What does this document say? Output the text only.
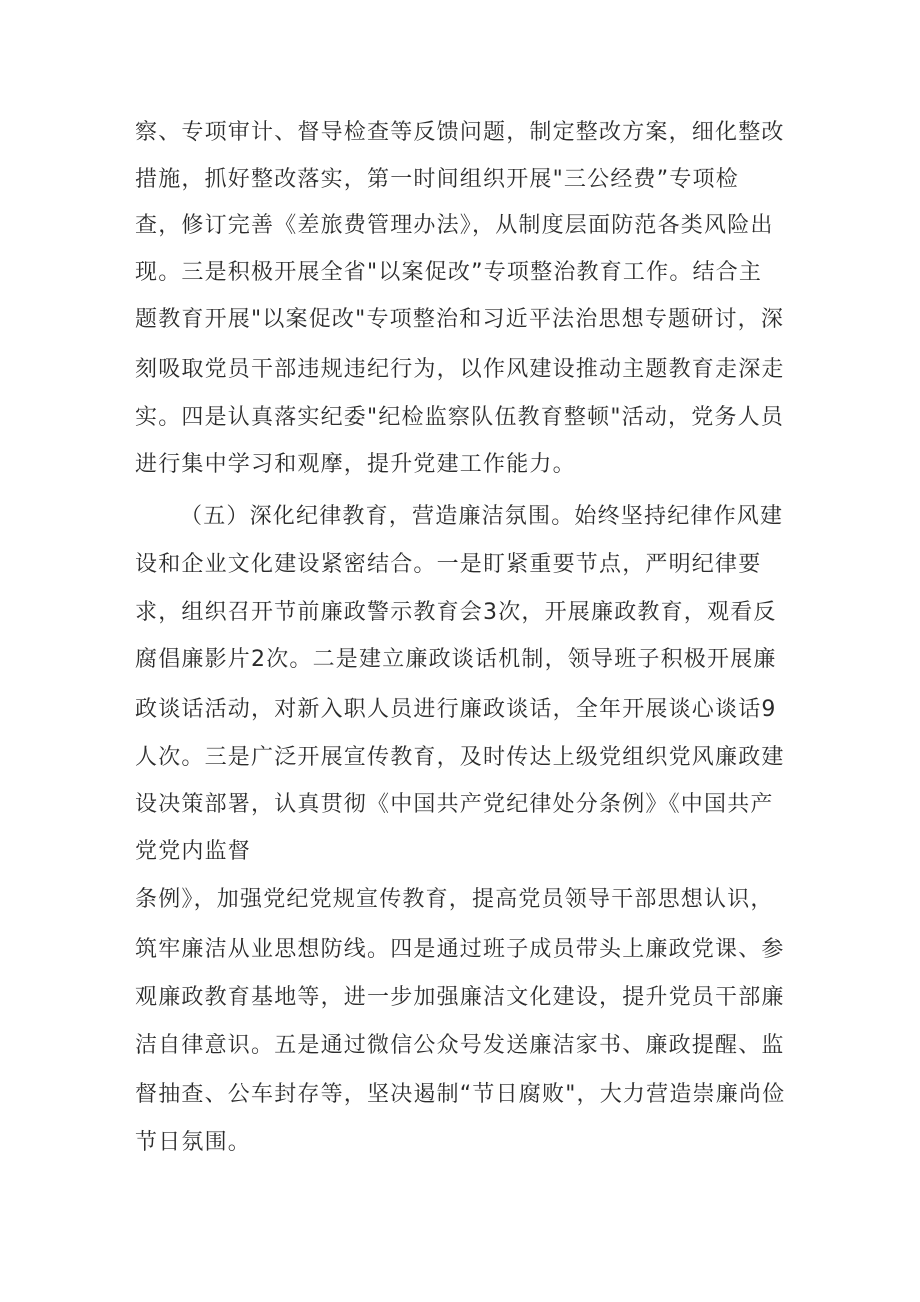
察、专项审计、督导检查等反馈问题，制定整改方案，细化整改
措施，抓好整改落实，第一时间组织开展"三公经费”专项检
查，修订完善《差旅费管理办法》，从制度层面防范各类风险出
现。三是积极开展全省"以案促改”专项整治教育工作。结合主
题教育开展"以案促改"专项整治和习近平法治思想专题研讨，深
刻吸取党员干部违规违纪行为，以作风建设推动主题教育走深走
实。四是认真落实纪委"纪检监察队伍教育整顿"活动，党务人员
进行集中学习和观摩，提升党建工作能力。
（五）深化纪律教育，营造廉洁氛围。始终坚持纪律作风建
设和企业文化建设紧密结合。一是盯紧重要节点，严明纪律要
求，组织召开节前廉政警示教育会3次，开展廉政教育，观看反
腐倡廉影片2次。二是建立廉政谈话机制，领导班子积极开展廉
政谈话活动，对新入职人员进行廉政谈话，全年开展谈心谈话9
人次。三是广泛开展宣传教育，及时传达上级党组织党风廉政建
设决策部署，认真贯彻《中国共产党纪律处分条例》《中国共产
党党内监督
条例》，加强党纪党规宣传教育，提高党员领导干部思想认识，
筑牢廉洁从业思想防线。四是通过班子成员带头上廉政党课、参
观廉政教育基地等，进一步加强廉洁文化建设，提升党员干部廉
洁自律意识。五是通过微信公众号发送廉洁家书、廉政提醒、监
督抽查、公车封存等，坚决遏制“节日腐败"，大力营造崇廉尚俭
节日氛围。
